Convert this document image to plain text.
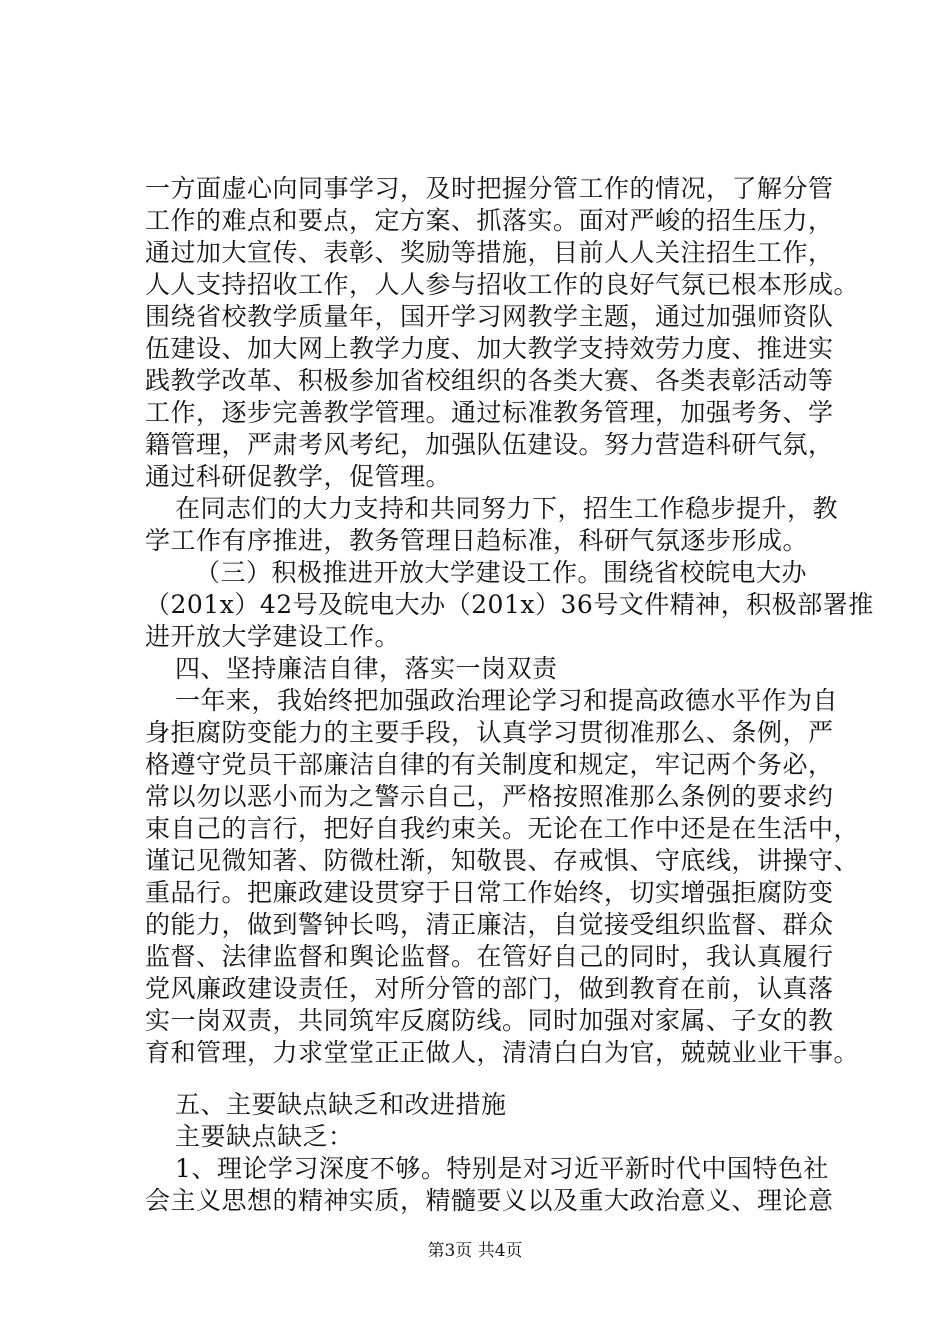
一方面虚心向同事学习，及时把握分管工作的情况，了解分管
工作的难点和要点，定方案、抓落实。面对严峻的招生压力，
通过加大宣传、表彰、奖励等措施，目前人人关注招生工作，
人人支持招收工作，人人参与招收工作的良好气氛已根本形成。
围绕省校教学质量年，国开学习网教学主题，通过加强师资队
伍建设、加大网上教学力度、加大教学支持效劳力度、推进实
践教学改革、积极参加省校组织的各类大赛、各类表彰活动等
工作，逐步完善教学管理。通过标准教务管理，加强考务、学
籍管理，严肃考风考纪，加强队伍建设。努力营造科研气氛，
通过科研促教学，促管理。
在同志们的大力支持和共同努力下，招生工作稳步提升，教
学工作有序推进，教务管理日趋标准，科研气氛逐步形成。
（三）积极推进开放大学建设工作。围绕省校皖电大办
（201x）42号及皖电大办（201x）36号文件精神，积极部署推
进开放大学建设工作。
四、坚持廉洁自律，落实一岗双责
一年来，我始终把加强政治理论学习和提高政德水平作为自
身拒腐防变能力的主要手段，认真学习贯彻准那么、条例，严
格遵守党员干部廉洁自律的有关制度和规定，牢记两个务必，
常以勿以恶小而为之警示自己，严格按照准那么条例的要求约
束自己的言行，把好自我约束关。无论在工作中还是在生活中，
谨记见微知著、防微杜渐，知敬畏、存戒惧、守底线，讲操守、
重品行。把廉政建设贯穿于日常工作始终，切实增强拒腐防变
的能力，做到警钟长鸣，清正廉洁，自觉接受组织监督、群众
监督、法律监督和舆论监督。在管好自己的同时，我认真履行
党风廉政建设责任，对所分管的部门，做到教育在前，认真落
实一岗双责，共同筑牢反腐防线。同时加强对家属、子女的教
育和管理，力求堂堂正正做人，清清白白为官，兢兢业业干事。
五、主要缺点缺乏和改进措施
主要缺点缺乏：
1、理论学习深度不够。特别是对习近平新时代中国特色社
会主义思想的精神实质，精髓要义以及重大政治意义、理论意
第3页 共4页
